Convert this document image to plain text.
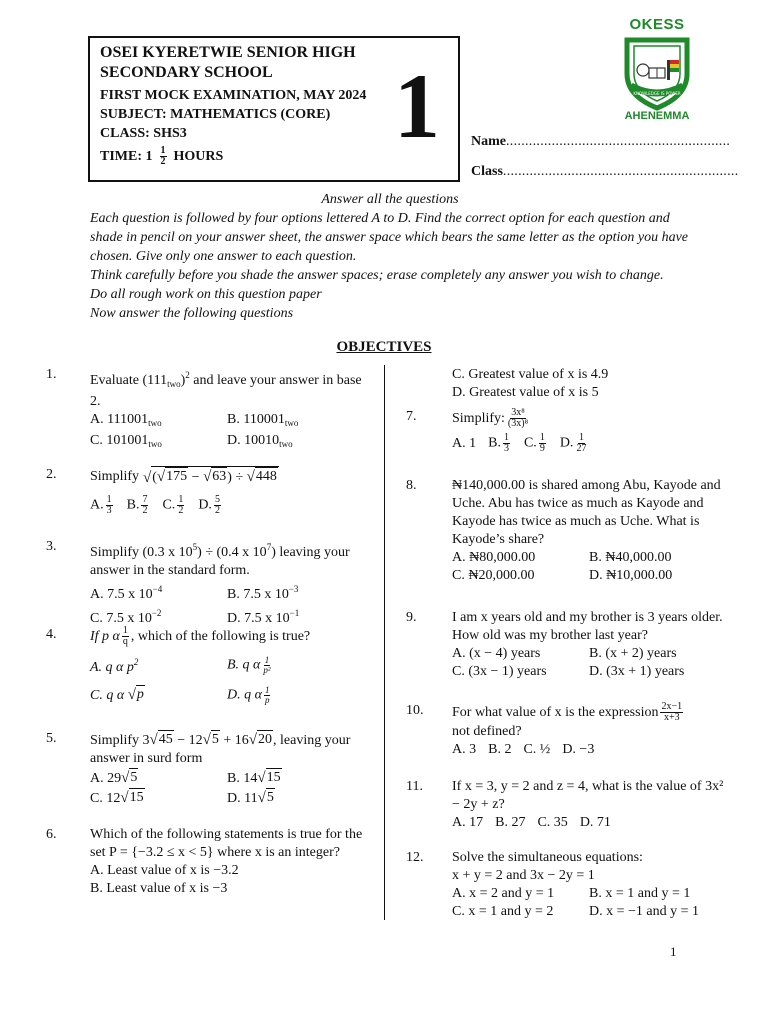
OSEI KYERETWIE SENIOR HIGH SECONDARY SCHOOL
FIRST MOCK EXAMINATION, MAY 2024
SUBJECT: MATHEMATICS (CORE)
CLASS: SHS3
TIME: $1 \frac{1}{2}$ HOURS 1
OKESS
KNOWLEDGE IS POWER
AHENEMMA
Name...........................................................
Class..............................................................
Answer all the questions
Each question is followed by four options lettered A to D. Find the correct option for each question and shade in pencil on your answer sheet, the answer space which bears the same letter as the option you have chosen. Give only one answer to each question.
Think carefully before you shade the answer spaces; erase completely any answer you wish to change.
Do all rough work on this question paper
Now answer the following questions
OBJECTIVES
1. Evaluate $(111_{two})^2$ and leave your answer in base 2.
A. $111001_{two}$	B. $110001_{two}$
C. $101001_{two}$	D. $10010_{two}$
2. Simplify √ ( √ 175 − √ 63 ) ÷ √ 448
A. $\frac{1}{3} B$. $\frac{7}{2} C$. $\frac{1}{2} D$. $\frac{5}{2}$
3. Simplify (0.3 x $10^5) \div (0.4$ x $10^7$) leaving your answer in the standard form.
A. 7.5 x $10^{-4}$	B. 7.5 x $10^{-3}$
C. 7.5 x $10^{-2}$	D. 7.5 x $10^{-1}$
4. If p α $\frac{1}{q}$ , which of the following is true?
A. q α $p^2$	B. q α $\frac{1}{\text{p²}}$
C. q α √ p	D. q α $\frac{1}{p}$
5. Simplify 3 √ 45 − 12 √ 5 + 16 √ 20 , leaving your answer in surd form
A. 29 √ 5	B. 14 √ 15
C. 12 √ 15	D. 11 √ 5
6. Which of the following statements is true for the set P = {−3.2 ≤ x < 5} where x is an integer?
A. Least value of x is −3.2
B. Least value of x is −3
C. Greatest value of x is 4.9
D. Greatest value of x is 5
7.	Simplify: $\frac{\text{3x⁸}}{\text{(3x)⁸}}$
A. 1 B. $\frac{1}{3} C$. $\frac{1}{9} D$. $\frac{1}{27}$
8.	₦140,000.00 is shared among Abu, Kayode and Uche. Abu has twice as much as Kayode and Kayode has twice as much as Uche. What is Kayode’s share?
A. ₦80,000.00	B. ₦40,000.00
C. ₦20,000.00	D. ₦10,000.00
9.	I am x years old and my brother is 3 years older. How old was my brother last year?
A. (x − 4) years	B. (x + 2) years
C. (3x − 1) years	D. (3x + 1) years
10. For what value of x is the expression $\frac{2x-1}{x+3}$
not defined?
A. 3 B. 2 C. ½ D. −3
11. If x = 3, y = 2 and z = 4, what is the value of 3x² − 2y + z?
A. 17 B. 27 C. 35 D. 71
12. Solve the simultaneous equations:
x + y = 2 and 3x − 2y = 1
A. x = 2 and y = 1	B. x = 1 and y = 1
C. x = 1 and y = 2	D. x = −1 and y = 1
1
